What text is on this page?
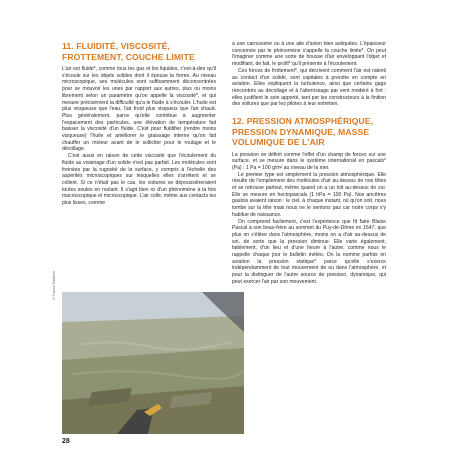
11. FLUIDITÉ, VISCOSITÉ, FROTTEMENT, COUCHE LIMITE

L'air est fluide*, comme tous les gaz et les liquides, c'est-à-dire qu'il s'écoule sur les objets solides dont il épouse la forme. Au niveau microscopique, ses molécules sont suffisamment déconcentrées pour se mouvoir les unes par rapport aux autres, plus ou moins librement selon un paramètre qu'on appelle la viscosité*, et qui mesure précisément la difficulté qu'a le fluide à s'écouler. L'huile est plus visqueuse que l'eau, l'air froid plus visqueux que l'air chaud. Plus généralement, parce qu'elle contribue à augmenter l'espacement des particules, une élévation de température fait baisser la viscosité d'un fluide. C'est pour fluidifier (rendre moins visqueuse) l'huile et améliorer le graissage interne qu'on fait chauffer un moteur avant de le solliciter pour le roulage et le décollage.

C'est aussi en raison de cette viscosité que l'écoulement du fluide au voisinage d'un solide n'est pas parfait. Les molécules sont freinées par la rugosité de la surface, y compris à l'échelle des aspérités microscopiques sur lesquelles elles s'arrêtent et se collent. Si ce n'était pas le cas, les voitures se dépoussiéreraient toutes seules en roulant. Il s'agit bien ici d'un phénomène à la fois macroscopique et microscopique. L'air colle, même aux contacts les plus lisses, comme

à une carrosserie ou à une aile d'avion bien astiquées. L'épaisseur concernée par le phénomène s'appelle la couche limite*. On peut l'imaginer comme une sorte de housse d'air enveloppant l'objet et modifiant, de fait, le profil* qu'il présente à l'écoulement.

Ces forces de frottement*, qui décrivent comment l'air est ralenti au contact d'un solide, sont capitales à prendre en compte en aviation. Elles expliquent la turbulence, ainsi que certains gags rencontrés au décollage et à l'atterrissage par vent modéré à fort : elles justifient le soin apporté, tant par les constructeurs à la finition des voilures que par les pilotes à leur entretien.

12. PRESSION ATMOSPHÉRIQUE, PRESSION DYNAMIQUE, MASSE VOLUMIQUE DE L'AIR

La pression se définit comme l'effet d'un champ de forces sur une surface, et se mesure dans le système international en pascals* (Pa) : 1 Pa = 100 g/m² au niveau de la mer.

Le premier type est simplement la pression atmosphérique. Elle résulte de l'empilement des molécules d'air au-dessus de nos têtes et se retrouve partout, même quand on a un toit au-dessus de soi. Elle se mesure en hectopascals (1 hPa = 100 Pa). Nos ancêtres gaulois avaient raison : le ciel, à chaque instant, où qu'on soit, nous tombe sur la tête mais nous ne le sentons pas car notre corps s'y habitue de naissance.

On comprend facilement, c'est l'expérience que fit faire Blaise Pascal à son beau-frère au sommet du Puy-de-Dôme en 1647, que plus on s'élève dans l'atmosphère, moins on a d'air au-dessus de soi, de sorte que la pression diminue. Elle varie également, faiblement, d'un lieu et d'une heure à l'autre, comme nous le rappelle chaque jour le bulletin météo. On la nomme parfois en aviation la pression statique* parce qu'elle s'exerce indépendamment de tout mouvement de ou dans l'atmosphère, et pour la distinguer de l'autre source de pression, dynamique, qui peut exercer l'air par son mouvement.

© Franck Gauthier
28
